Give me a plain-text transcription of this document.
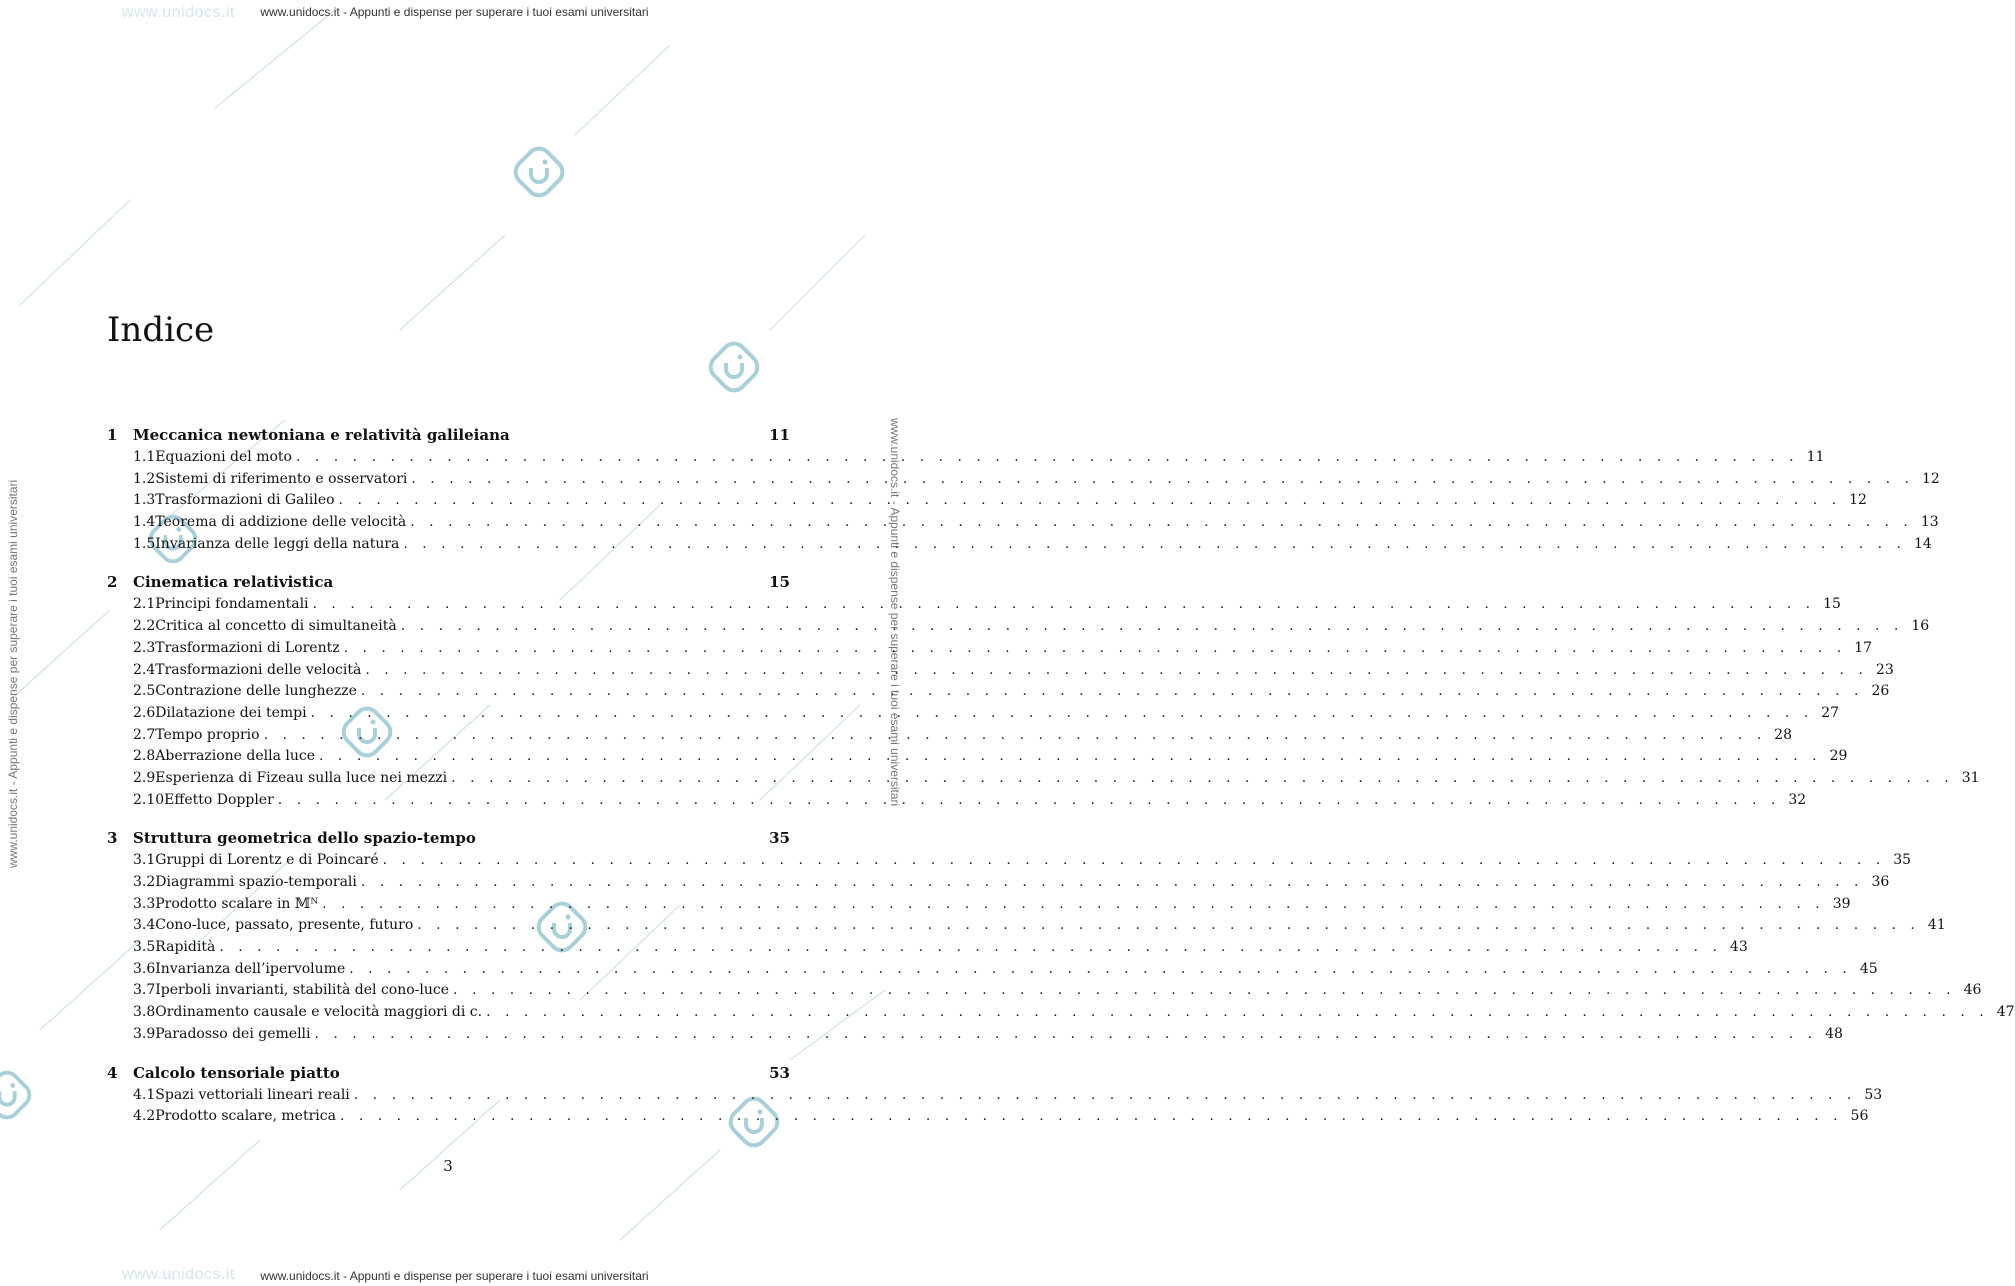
www.unidocs.it
www.unidocs.it
www.unidocs.it - Appunti e dispense per superare i tuoi esami universitari
www.unidocs.it - Appunti e dispense per superare i tuoi esami universitari
www.unidocs.it - Appunti e dispense per superare i tuoi esami universitari	www.unidocs.it - Appunti e dispense per superare i tuoi esami universitari
Indice
1	Meccanica newtoniana e relatività galileiana	11
1.1 Equazioni del moto . . . . . . . . . . . . . . . . . . . . . . . . . . . . . . . . . . . . . . . . . . . . . . . . . . . . . . . . . . . . . . . . . . . . . . . . . . . . . . . . 11
1.2 Sistemi di riferimento e osservatori . . . . . . . . . . . . . . . . . . . . . . . . . . . . . . . . . . . . . . . . . . . . . . . . . . . . . . . . . . . . . . . . . . . . . . . . . . . . . . . . 12
1.3 Trasformazioni di Galileo . . . . . . . . . . . . . . . . . . . . . . . . . . . . . . . . . . . . . . . . . . . . . . . . . . . . . . . . . . . . . . . . . . . . . . . . . . . . . . . . 12
1.4 Teorema di addizione delle velocità . . . . . . . . . . . . . . . . . . . . . . . . . . . . . . . . . . . . . . . . . . . . . . . . . . . . . . . . . . . . . . . . . . . . . . . . . . . . . . . . 13
1.5 Invarianza delle leggi della natura . . . . . . . . . . . . . . . . . . . . . . . . . . . . . . . . . . . . . . . . . . . . . . . . . . . . . . . . . . . . . . . . . . . . . . . . . . . . . . . . 14
2	Cinematica relativistica	15
2.1 Principi fondamentali . . . . . . . . . . . . . . . . . . . . . . . . . . . . . . . . . . . . . . . . . . . . . . . . . . . . . . . . . . . . . . . . . . . . . . . . . . . . . . . . 15
2.2 Critica al concetto di simultaneità . . . . . . . . . . . . . . . . . . . . . . . . . . . . . . . . . . . . . . . . . . . . . . . . . . . . . . . . . . . . . . . . . . . . . . . . . . . . . . . . 16
2.3 Trasformazioni di Lorentz . . . . . . . . . . . . . . . . . . . . . . . . . . . . . . . . . . . . . . . . . . . . . . . . . . . . . . . . . . . . . . . . . . . . . . . . . . . . . . . . 17
2.4 Trasformazioni delle velocità . . . . . . . . . . . . . . . . . . . . . . . . . . . . . . . . . . . . . . . . . . . . . . . . . . . . . . . . . . . . . . . . . . . . . . . . . . . . . . . . 23
2.5 Contrazione delle lunghezze . . . . . . . . . . . . . . . . . . . . . . . . . . . . . . . . . . . . . . . . . . . . . . . . . . . . . . . . . . . . . . . . . . . . . . . . . . . . . . . . 26
2.6 Dilatazione dei tempi . . . . . . . . . . . . . . . . . . . . . . . . . . . . . . . . . . . . . . . . . . . . . . . . . . . . . . . . . . . . . . . . . . . . . . . . . . . . . . . . 27
2.7 Tempo proprio . . . . . . . . . . . . . . . . . . . . . . . . . . . . . . . . . . . . . . . . . . . . . . . . . . . . . . . . . . . . . . . . . . . . . . . . . . . . . . . . 28
2.8 Aberrazione della luce . . . . . . . . . . . . . . . . . . . . . . . . . . . . . . . . . . . . . . . . . . . . . . . . . . . . . . . . . . . . . . . . . . . . . . . . . . . . . . . . 29
2.9 Esperienza di Fizeau sulla luce nei mezzi . . . . . . . . . . . . . . . . . . . . . . . . . . . . . . . . . . . . . . . . . . . . . . . . . . . . . . . . . . . . . . . . . . . . . . . . . . . . . . . . 31
2.10 Effetto Doppler . . . . . . . . . . . . . . . . . . . . . . . . . . . . . . . . . . . . . . . . . . . . . . . . . . . . . . . . . . . . . . . . . . . . . . . . . . . . . . . . 32
3	Struttura geometrica dello spazio-tempo	35
3.1 Gruppi di Lorentz e di Poincaré . . . . . . . . . . . . . . . . . . . . . . . . . . . . . . . . . . . . . . . . . . . . . . . . . . . . . . . . . . . . . . . . . . . . . . . . . . . . . . . . 35
3.2 Diagrammi spazio-temporali . . . . . . . . . . . . . . . . . . . . . . . . . . . . . . . . . . . . . . . . . . . . . . . . . . . . . . . . . . . . . . . . . . . . . . . . . . . . . . . . 36
3.3 Prodotto scalare in 𝕄ᴺ . . . . . . . . . . . . . . . . . . . . . . . . . . . . . . . . . . . . . . . . . . . . . . . . . . . . . . . . . . . . . . . . . . . . . . . . . . . . . . . . 39
3.4 Cono-luce, passato, presente, futuro . . . . . . . . . . . . . . . . . . . . . . . . . . . . . . . . . . . . . . . . . . . . . . . . . . . . . . . . . . . . . . . . . . . . . . . . . . . . . . . . 41
3.5 Rapidità . . . . . . . . . . . . . . . . . . . . . . . . . . . . . . . . . . . . . . . . . . . . . . . . . . . . . . . . . . . . . . . . . . . . . . . . . . . . . . . . 43
3.6 Invarianza dell’ipervolume . . . . . . . . . . . . . . . . . . . . . . . . . . . . . . . . . . . . . . . . . . . . . . . . . . . . . . . . . . . . . . . . . . . . . . . . . . . . . . . . 45
3.7 Iperboli invarianti, stabilità del cono-luce . . . . . . . . . . . . . . . . . . . . . . . . . . . . . . . . . . . . . . . . . . . . . . . . . . . . . . . . . . . . . . . . . . . . . . . . . . . . . . . . 46
3.8 Ordinamento causale e velocità maggiori di c. . . . . . . . . . . . . . . . . . . . . . . . . . . . . . . . . . . . . . . . . . . . . . . . . . . . . . . . . . . . . . . . . . . . . . . . . . . . . . . . . 47
3.9 Paradosso dei gemelli . . . . . . . . . . . . . . . . . . . . . . . . . . . . . . . . . . . . . . . . . . . . . . . . . . . . . . . . . . . . . . . . . . . . . . . . . . . . . . . . 48
4	Calcolo tensoriale piatto	53
4.1 Spazi vettoriali lineari reali . . . . . . . . . . . . . . . . . . . . . . . . . . . . . . . . . . . . . . . . . . . . . . . . . . . . . . . . . . . . . . . . . . . . . . . . . . . . . . . . 53
4.2 Prodotto scalare, metrica . . . . . . . . . . . . . . . . . . . . . . . . . . . . . . . . . . . . . . . . . . . . . . . . . . . . . . . . . . . . . . . . . . . . . . . . . . . . . . . . 56
3
